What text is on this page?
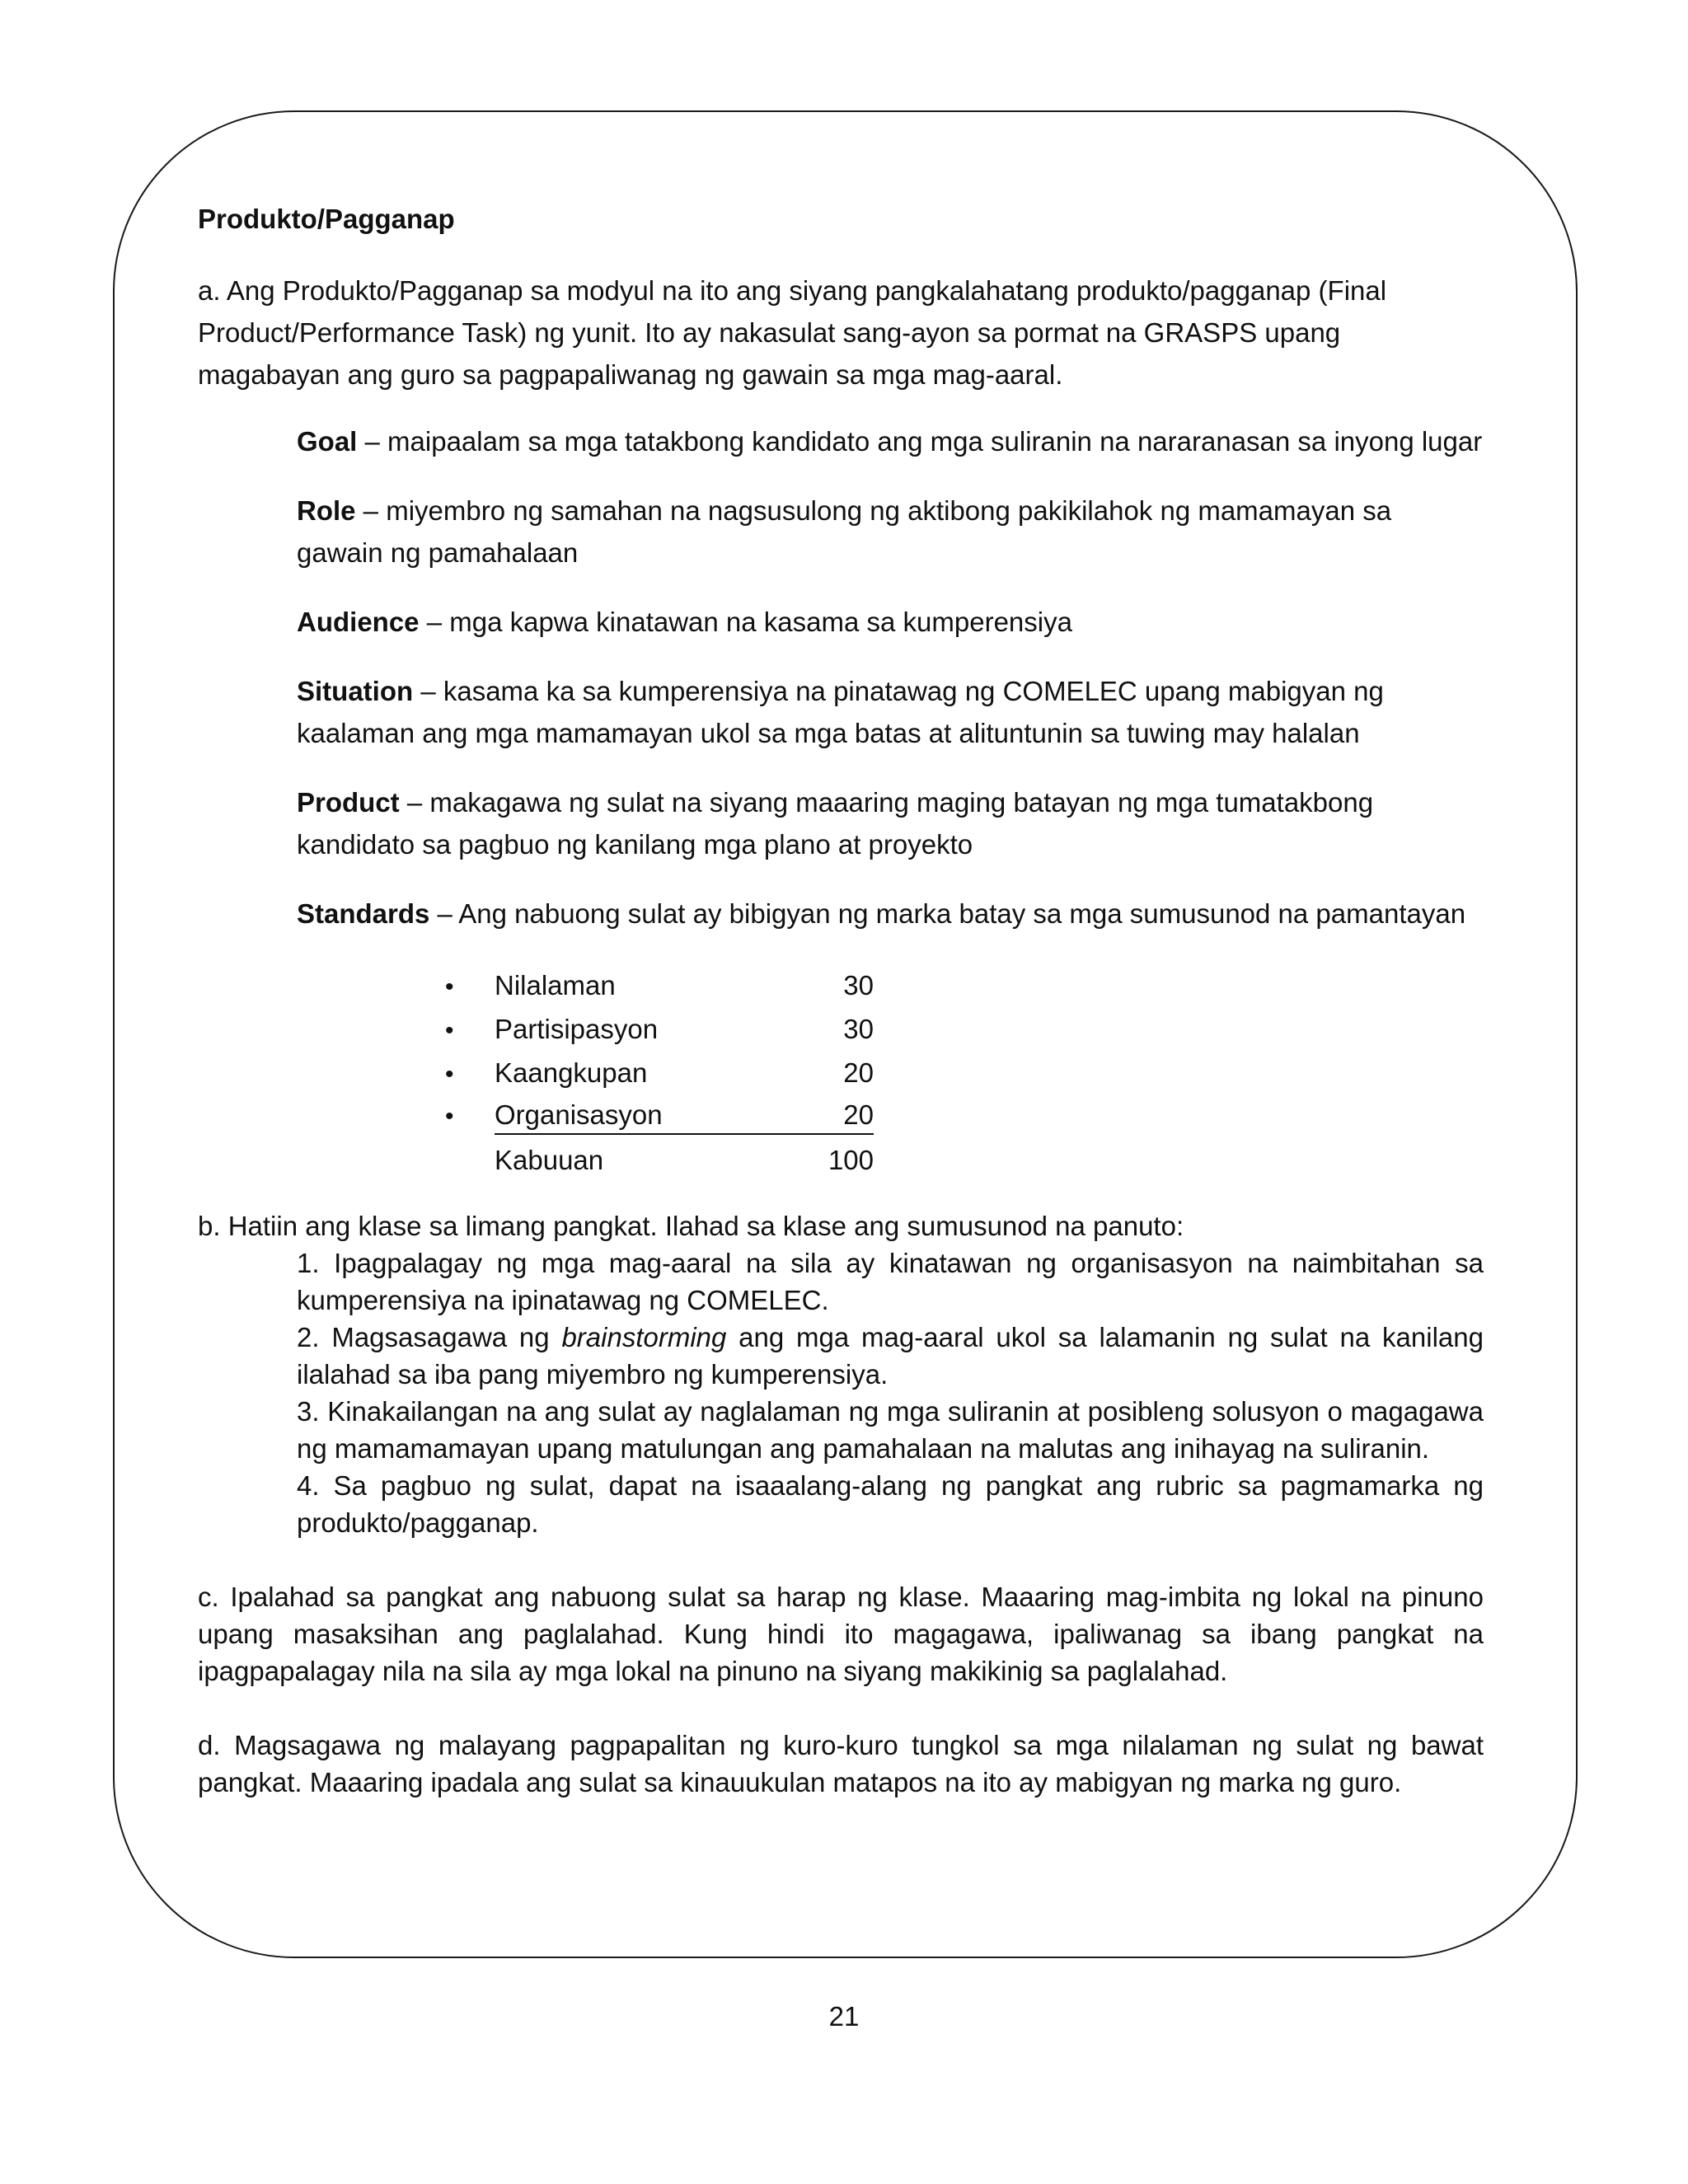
Produkto/Pagganap

a. Ang Produkto/Pagganap sa modyul na ito ang siyang pangkalahatang produkto/pagganap (Final Product/Performance Task) ng yunit. Ito ay nakasulat sang-ayon sa pormat na GRASPS upang magabayan ang guro sa pagpapaliwanag ng gawain sa mga mag-aaral.

Goal – maipaalam sa mga tatakbong kandidato ang mga suliranin na nararanasan sa inyong lugar

Role – miyembro ng samahan na nagsusulong ng aktibong pakikilahok ng mamamayan sa gawain ng pamahalaan

Audience – mga kapwa kinatawan na kasama sa kumperensiya

Situation – kasama ka sa kumperensiya na pinatawag ng COMELEC upang mabigyan ng kaalaman ang mga mamamayan ukol sa mga batas at alituntunin sa tuwing may halalan

Product – makagawa ng sulat na siyang maaaring maging batayan ng mga tumatakbong kandidato sa pagbuo ng kanilang mga plano at proyekto

Standards – Ang nabuong sulat ay bibigyan ng marka batay sa mga sumusunod na pamantayan

•	Nilalaman	30
•	Partisipasyon	30
•	Kaangkupan	20
•	Organisasyon	20
Kabuuan	100

b. Hatiin ang klase sa limang pangkat. Ilahad sa klase ang sumusunod na panuto:

1. Ipagpalagay ng mga mag-aaral na sila ay kinatawan ng organisasyon na naimbitahan sa kumperensiya na ipinatawag ng COMELEC.

2. Magsasagawa ng brainstorming ang mga mag-aaral ukol sa lalamanin ng sulat na kanilang ilalahad sa iba pang miyembro ng kumperensiya.

3. Kinakailangan na ang sulat ay naglalaman ng mga suliranin at posibleng solusyon o magagawa ng mamamamayan upang matulungan ang pamahalaan na malutas ang inihayag na suliranin.

4. Sa pagbuo ng sulat, dapat na isaaalang-alang ng pangkat ang rubric sa pagmamarka ng produkto/pagganap.

c. Ipalahad sa pangkat ang nabuong sulat sa harap ng klase. Maaaring mag-imbita ng lokal na pinuno upang masaksihan ang paglalahad. Kung hindi ito magagawa, ipaliwanag sa ibang pangkat na ipagpapalagay nila na sila ay mga lokal na pinuno na siyang makikinig sa paglalahad.

d. Magsagawa ng malayang pagpapalitan ng kuro-kuro tungkol sa mga nilalaman ng sulat ng bawat pangkat. Maaaring ipadala ang sulat sa kinauukulan matapos na ito ay mabigyan ng marka ng guro.

21
